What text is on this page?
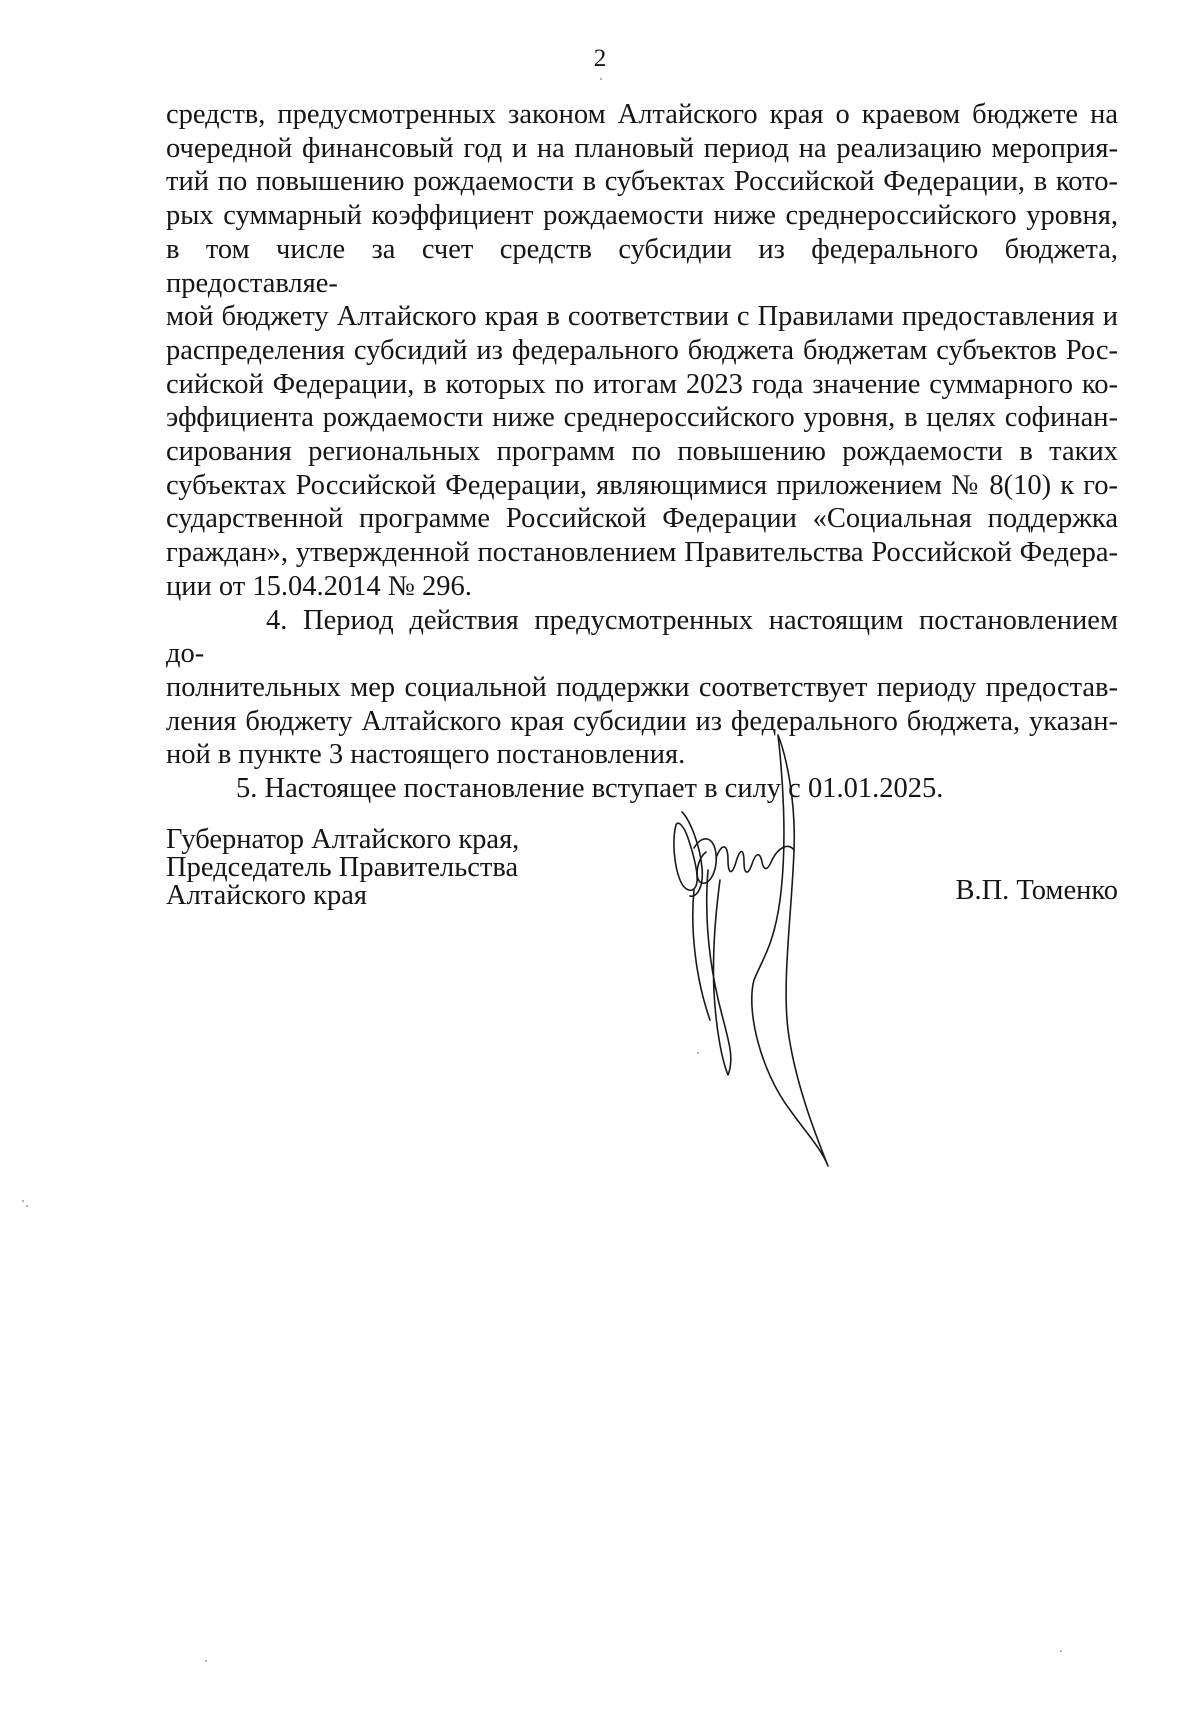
2

средств, предусмотренных законом Алтайского края о краевом бюджете на
очередной финансовый год и на плановый период на реализацию мероприя-
тий по повышению рождаемости в субъектах Российской Федерации, в кото-
рых суммарный коэффициент рождаемости ниже среднероссийского уровня,
в том числе за счет средств субсидии из федерального бюджета, предоставляе-
мой бюджету Алтайского края в соответствии с Правилами предоставления и
распределения субсидий из федерального бюджета бюджетам субъектов Рос-
сийской Федерации, в которых по итогам 2023 года значение суммарного ко-
эффициента рождаемости ниже среднероссийского уровня, в целях софинан-
сирования региональных программ по повышению рождаемости в таких
субъектах Российской Федерации, являющимися приложением № 8(10) к го-
сударственной программе Российской Федерации «Социальная поддержка
граждан», утвержденной постановлением Правительства Российской Федера-
ции от 15.04.2014 № 296.

4. Период действия предусмотренных настоящим постановлением до-
полнительных мер социальной поддержки соответствует периоду предостав-
ления бюджету Алтайского края субсидии из федерального бюджета, указан-
ной в пункте 3 настоящего постановления.

5. Настоящее постановление вступает в силу с 01.01.2025.

Губернатор Алтайского края,
Председатель Правительства
Алтайского края	В.П. Томенко
